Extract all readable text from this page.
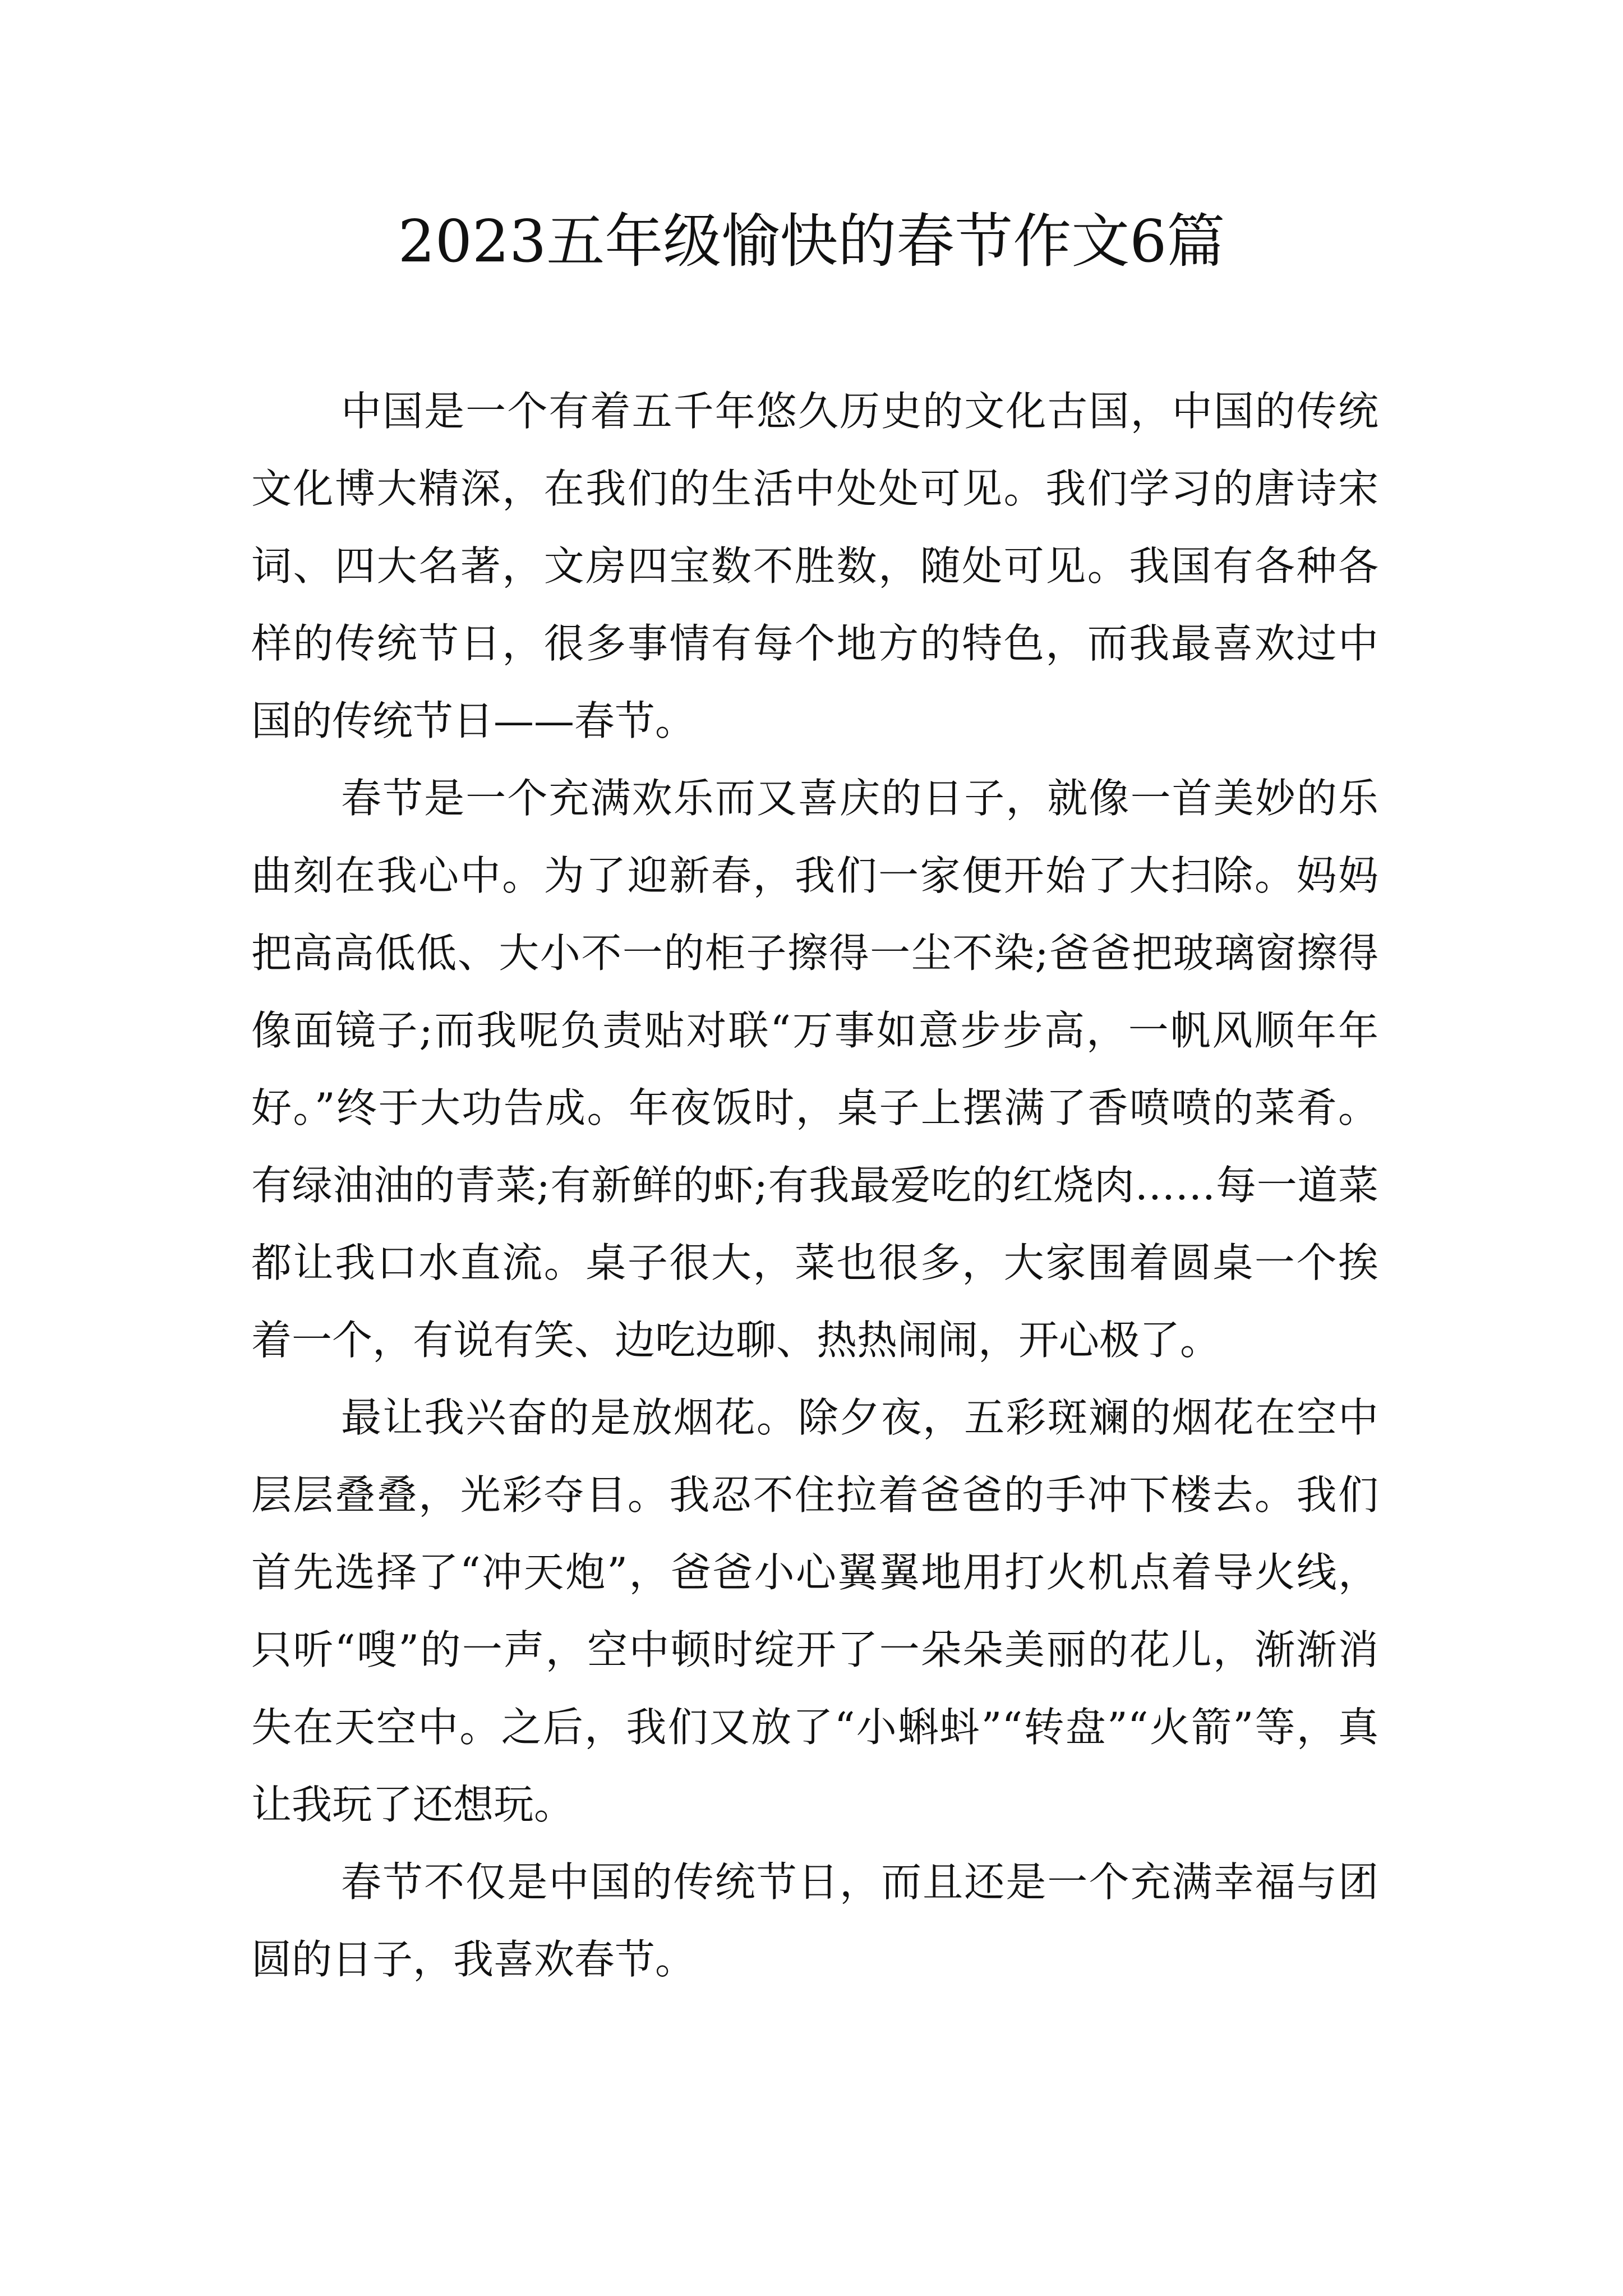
2023五年级愉快的春节作文6篇

中国是一个有着五千年悠久历史的文化古国，中国的传统文化博大精深，在我们的生活中处处可见。我们学习的唐诗宋词、四大名著，文房四宝数不胜数，随处可见。我国有各种各样的传统节日，很多事情有每个地方的特色，而我最喜欢过中国的传统节日——春节。

春节是一个充满欢乐而又喜庆的日子，就像一首美妙的乐曲刻在我心中。为了迎新春，我们一家便开始了大扫除。妈妈把高高低低、大小不一的柜子擦得一尘不染;爸爸把玻璃窗擦得像面镜子;而我呢负责贴对联“万事如意步步高，一帆风顺年年好。”终于大功告成。年夜饭时，桌子上摆满了香喷喷的菜肴。有绿油油的青菜;有新鲜的虾;有我最爱吃的红烧肉……每一道菜都让我口水直流。桌子很大，菜也很多，大家围着圆桌一个挨着一个，有说有笑、边吃边聊、热热闹闹，开心极了。

最让我兴奋的是放烟花。除夕夜，五彩斑斓的烟花在空中层层叠叠，光彩夺目。我忍不住拉着爸爸的手冲下楼去。我们首先选择了“冲天炮”，爸爸小心翼翼地用打火机点着导火线，只听“嗖”的一声，空中顿时绽开了一朵朵美丽的花儿，渐渐消失在天空中。之后，我们又放了“小蝌蚪”“转盘”“火箭”等，真让我玩了还想玩。

春节不仅是中国的传统节日，而且还是一个充满幸福与团圆的日子，我喜欢春节。
